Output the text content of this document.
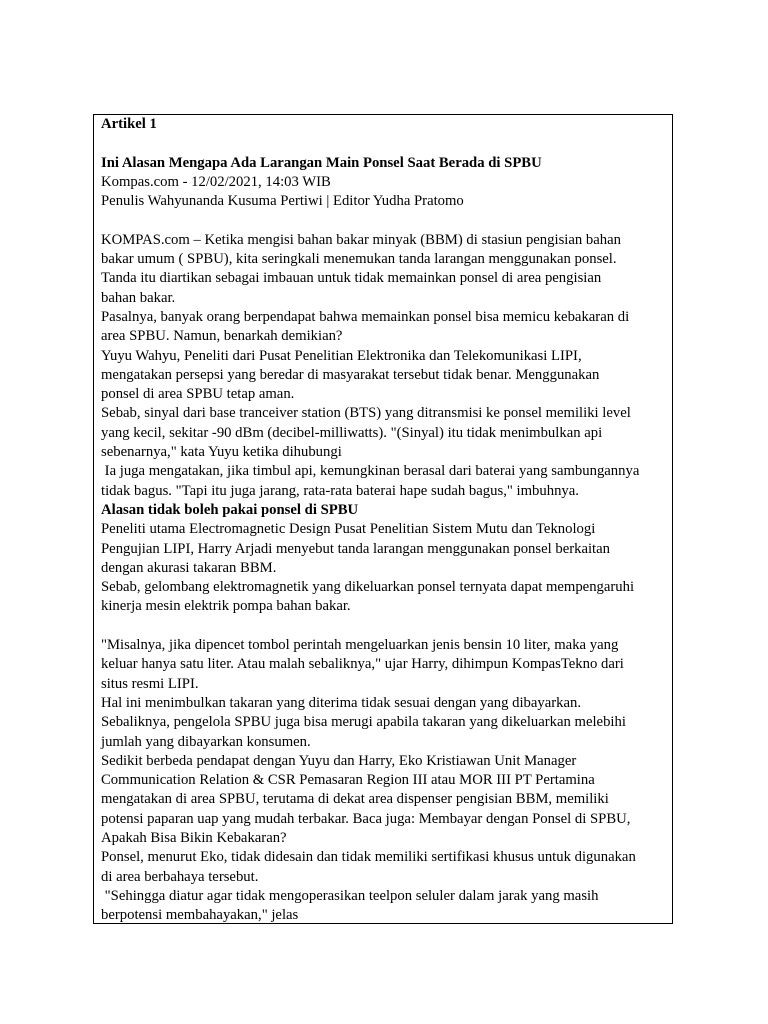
Artikel 1
Ini Alasan Mengapa Ada Larangan Main Ponsel Saat Berada di SPBU
Kompas.com - 12/02/2021, 14:03 WIB
Penulis Wahyunanda Kusuma Pertiwi | Editor Yudha Pratomo
KOMPAS.com – Ketika mengisi bahan bakar minyak (BBM) di stasiun pengisian bahan
bakar umum ( SPBU), kita seringkali menemukan tanda larangan menggunakan ponsel.
Tanda itu diartikan sebagai imbauan untuk tidak memainkan ponsel di area pengisian
bahan bakar.
Pasalnya, banyak orang berpendapat bahwa memainkan ponsel bisa memicu kebakaran di
area SPBU. Namun, benarkah demikian?
Yuyu Wahyu, Peneliti dari Pusat Penelitian Elektronika dan Telekomunikasi LIPI,
mengatakan persepsi yang beredar di masyarakat tersebut tidak benar. Menggunakan
ponsel di area SPBU tetap aman.
Sebab, sinyal dari base tranceiver station (BTS) yang ditransmisi ke ponsel memiliki level
yang kecil, sekitar -90 dBm (decibel-milliwatts). "(Sinyal) itu tidak menimbulkan api
sebenarnya," kata Yuyu ketika dihubungi
Ia juga mengatakan, jika timbul api, kemungkinan berasal dari baterai yang sambungannya
tidak bagus. "Tapi itu juga jarang, rata-rata baterai hape sudah bagus," imbuhnya.
Alasan tidak boleh pakai ponsel di SPBU
Peneliti utama Electromagnetic Design Pusat Penelitian Sistem Mutu dan Teknologi
Pengujian LIPI, Harry Arjadi menyebut tanda larangan menggunakan ponsel berkaitan
dengan akurasi takaran BBM.
Sebab, gelombang elektromagnetik yang dikeluarkan ponsel ternyata dapat mempengaruhi
kinerja mesin elektrik pompa bahan bakar.
"Misalnya, jika dipencet tombol perintah mengeluarkan jenis bensin 10 liter, maka yang
keluar hanya satu liter. Atau malah sebaliknya," ujar Harry, dihimpun KompasTekno dari
situs resmi LIPI.
Hal ini menimbulkan takaran yang diterima tidak sesuai dengan yang dibayarkan.
Sebaliknya, pengelola SPBU juga bisa merugi apabila takaran yang dikeluarkan melebihi
jumlah yang dibayarkan konsumen.
Sedikit berbeda pendapat dengan Yuyu dan Harry, Eko Kristiawan Unit Manager
Communication Relation & CSR Pemasaran Region III atau MOR III PT Pertamina
mengatakan di area SPBU, terutama di dekat area dispenser pengisian BBM, memiliki
potensi paparan uap yang mudah terbakar. Baca juga: Membayar dengan Ponsel di SPBU,
Apakah Bisa Bikin Kebakaran?
Ponsel, menurut Eko, tidak didesain dan tidak memiliki sertifikasi khusus untuk digunakan
di area berbahaya tersebut.
"Sehingga diatur agar tidak mengoperasikan teelpon seluler dalam jarak yang masih
berpotensi membahayakan," jelas
